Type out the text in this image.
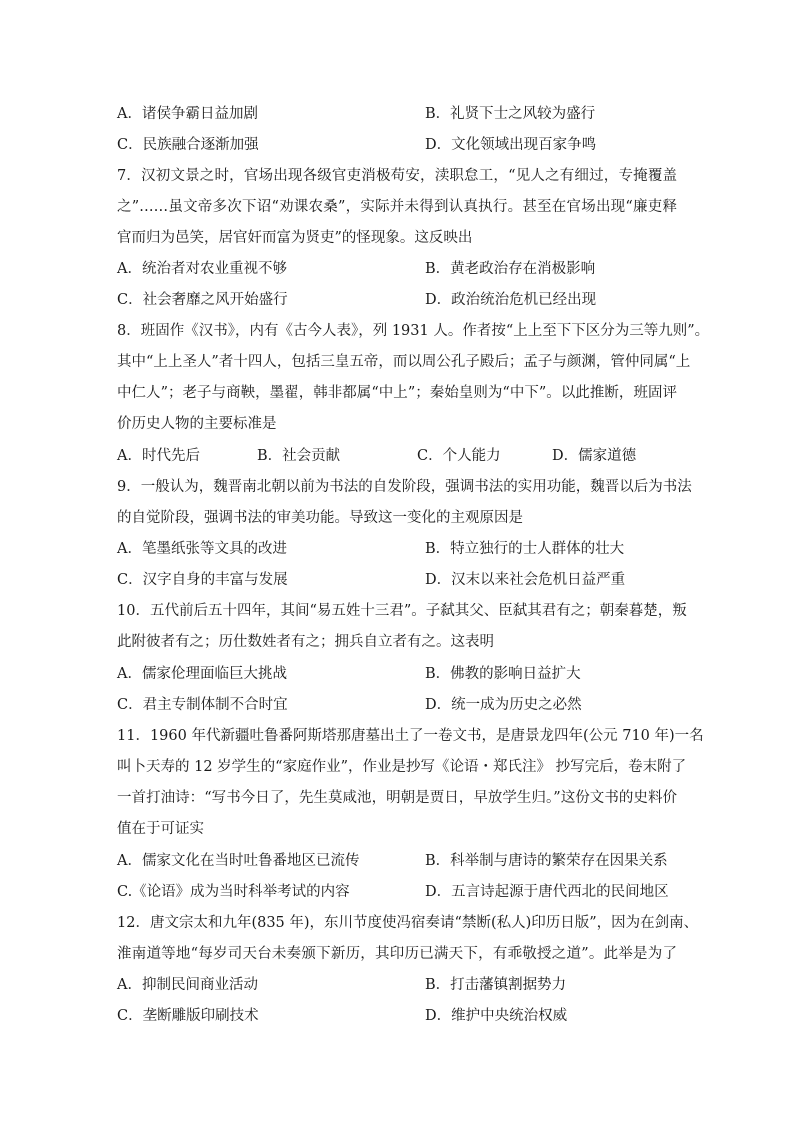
A．诸侯争霸日益加剧	B．礼贤下士之风较为盛行
C．民族融合逐渐加强	D．文化领域出现百家争鸣
7．汉初文景之时，官场出现各级官吏消极苟安，渎职怠工，“见人之有细过，专掩覆盖
之”……虽文帝多次下诏“劝课农桑”，实际并未得到认真执行。甚至在官场出现“廉吏释
官而归为邑笑，居官奸而富为贤吏”的怪现象。这反映出
A．统治者对农业重视不够	B．黄老政治存在消极影响
C．社会奢靡之风开始盛行	D．政治统治危机已经出现
8．班固作《汉书》，内有《古今人表》，列 1931 人。作者按“上上至下下区分为三等九则”。
其中“上上圣人”者十四人，包括三皇五帝，而以周公孔子殿后；孟子与颜渊，管仲同属“上
中仁人”；老子与商鞅，墨翟，韩非都属“中上”；秦始皇则为“中下”。以此推断，班固评
价历史人物的主要标准是
A．时代先后	B．社会贡献	C．个人能力	D．儒家道德
9．一般认为，魏晋南北朝以前为书法的自发阶段，强调书法的实用功能，魏晋以后为书法
的自觉阶段，强调书法的审美功能。导致这一变化的主观原因是
A．笔墨纸张等文具的改进	B．特立独行的士人群体的壮大
C．汉字自身的丰富与发展	D．汉末以来社会危机日益严重
10．五代前后五十四年，其间“易五姓十三君”。子弑其父、臣弑其君有之；朝秦暮楚，叛
此附彼者有之；历仕数姓者有之；拥兵自立者有之。这表明
A．儒家伦理面临巨大挑战	B．佛教的影响日益扩大
C．君主专制体制不合时宜	D．统一成为历史之必然
11．1960 年代新疆吐鲁番阿斯塔那唐墓出土了一卷文书，是唐景龙四年(公元 710 年)一名
叫卜天寿的 12 岁学生的“家庭作业”，作业是抄写《论语・郑氏注》 抄写完后，卷末附了
一首打油诗：“写书今日了，先生莫咸池，明朝是贾日，早放学生归。”这份文书的史料价
值在于可证实
A．儒家文化在当时吐鲁番地区已流传	B．科举制与唐诗的繁荣存在因果关系
C.《论语》成为当时科举考试的内容	D．五言诗起源于唐代西北的民间地区
12．唐文宗太和九年(835 年)，东川节度使冯宿奏请“禁断(私人)印历日版”，因为在剑南、
淮南道等地“每岁司天台未奏颁下新历，其印历已满天下，有乖敬授之道”。此举是为了
A．抑制民间商业活动	B．打击藩镇割据势力
C．垄断雕版印刷技术	D．维护中央统治权威
